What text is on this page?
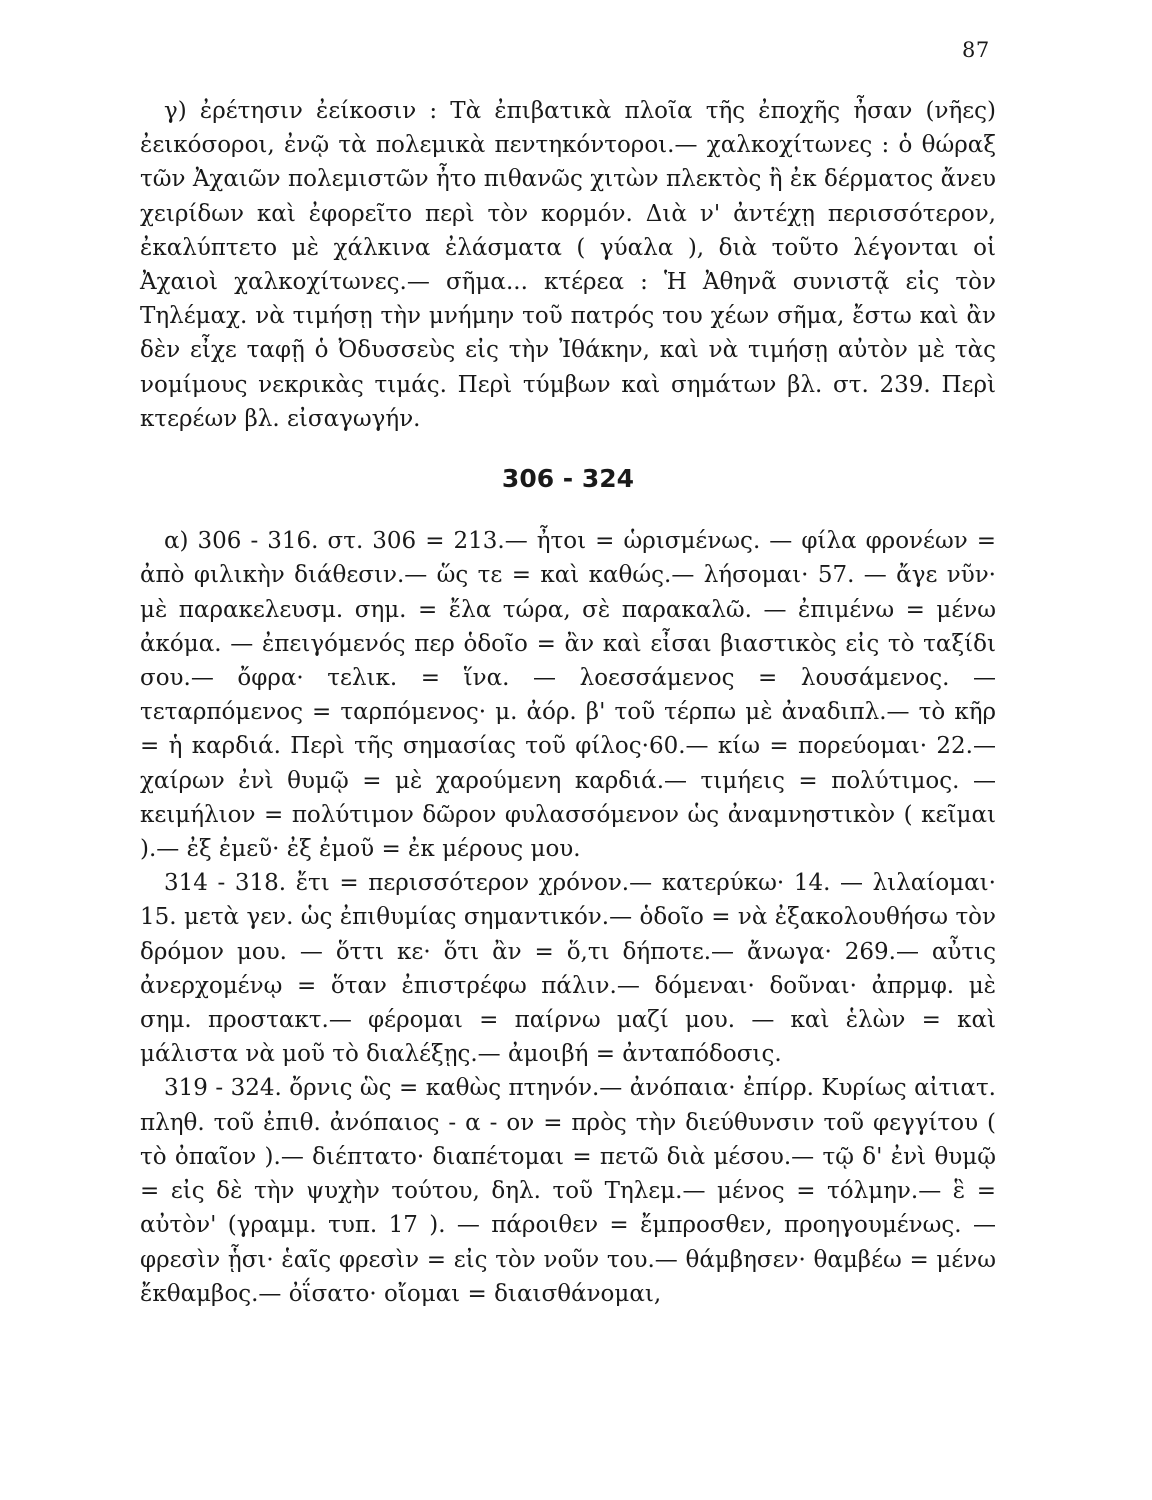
87

γ) ἐρέτησιν ἐείκοσιν : Τὰ ἐπιβατικὰ πλοῖα τῆς ἐποχῆς ἦσαν (νῆες) ἐεικόσοροι, ἐνῷ τὰ πολεμικὰ πεντηκόντοροι.— χαλκοχίτωνες : ὁ θώραξ τῶν Ἀχαιῶν πολεμιστῶν ἦτο πιθανῶς χιτὼν πλεκτὸς ἢ ἐκ δέρματος ἄνευ χειρίδων καὶ ἐφορεῖτο περὶ τὸν κορμόν. Διὰ ν' ἀντέχῃ περισσότερον, ἐκαλύπτετο μὲ χάλκινα ἐλάσματα ( γύαλα ), διὰ τοῦτο λέγονται οἱ Ἀχαιοὶ χαλκοχίτωνες.— σῆμα... κτέρεα : Ἡ Ἀθηνᾶ συνιστᾷ εἰς τὸν Τηλέμαχ. νὰ τιμήσῃ τὴν μνήμην τοῦ πατρός του χέων σῆμα, ἔστω καὶ ἂν δὲν εἶχε ταφῇ ὁ Ὀδυσσεὺς εἰς τὴν Ἰθάκην, καὶ νὰ τιμήσῃ αὐτὸν μὲ τὰς νομίμους νεκρικὰς τιμάς. Περὶ τύμβων καὶ σημάτων βλ. στ. 239. Περὶ κτερέων βλ. εἰσαγωγήν.

306 - 324

α) 306 - 316. στ. 306 = 213.— ἦτοι = ὡρισμένως. — φίλα φρονέων = ἀπὸ φιλικὴν διάθεσιν.— ὥς τε = καὶ καθώς.— λήσομαι· 57. — ἄγε νῦν· μὲ παρακελευσμ. σημ. = ἔλα τώρα, σὲ παρακαλῶ. — ἐπιμένω = μένω ἀκόμα. — ἐπειγόμενός περ ὁδοῖο = ἂν καὶ εἶσαι βιαστικὸς εἰς τὸ ταξίδι σου.— ὄφρα· τελικ. = ἵνα. — λοεσσάμενος = λουσάμενος. — τεταρπόμενος = ταρπόμενος· μ. ἀόρ. β' τοῦ τέρπω μὲ ἀναδιπλ.— τὸ κῆρ = ἡ καρδιά. Περὶ τῆς σημασίας τοῦ φίλος·60.— κίω = πορεύομαι· 22.— χαίρων ἐνὶ θυμῷ = μὲ χαρούμενη καρδιά.— τιμήεις = πολύτιμος. — κειμήλιον = πολύτιμον δῶρον φυλασσόμενον ὡς ἀναμνηστικὸν ( κεῖμαι ).— ἐξ ἐμεῦ· ἐξ ἐμοῦ = ἐκ μέρους μου.

314 - 318. ἔτι = περισσότερον χρόνον.— κατερύκω· 14. — λιλαίομαι· 15. μετὰ γεν. ὡς ἐπιθυμίας σημαντικόν.— ὁδοῖο = νὰ ἐξακολουθήσω τὸν δρόμον μου. — ὅττι κε· ὅτι ἂν = ὅ,τι δήποτε.— ἄνωγα· 269.— αὖτις ἀνερχομένῳ = ὅταν ἐπιστρέφω πάλιν.— δόμεναι· δοῦναι· ἀπρμφ. μὲ σημ. προστακτ.— φέρομαι = παίρνω μαζί μου. — καὶ ἑλὼν = καὶ μάλιστα νὰ μοῦ τὸ διαλέξῃς.— ἀμοιβή = ἀνταπόδοσις.

319 - 324. ὄρνις ὣς = καθὼς πτηνόν.— ἀνόπαια· ἐπίρρ. Κυρίως αἰτιατ. πληθ. τοῦ ἐπιθ. ἀνόπαιος - α - ον = πρὸς τὴν διεύθυνσιν τοῦ φεγγίτου ( τὸ ὀπαῖον ).— διέπτατο· διαπέτομαι = πετῶ διὰ μέσου.— τῷ δ' ἐνὶ θυμῷ = εἰς δὲ τὴν ψυχὴν τούτου, δηλ. τοῦ Τηλεμ.— μένος = τόλμην.— ἓ = αὐτὸν' (γραμμ. τυπ. 17 ). — πάροιθεν = ἔμπροσθεν, προηγουμένως. — φρεσὶν ᾗσι· ἑαῖς φρεσὶν = εἰς τὸν νοῦν του.— θάμβησεν· θαμβέω = μένω ἔκθαμβος.— ὀΐσατο· οἴομαι = διαισθάνομαι,
